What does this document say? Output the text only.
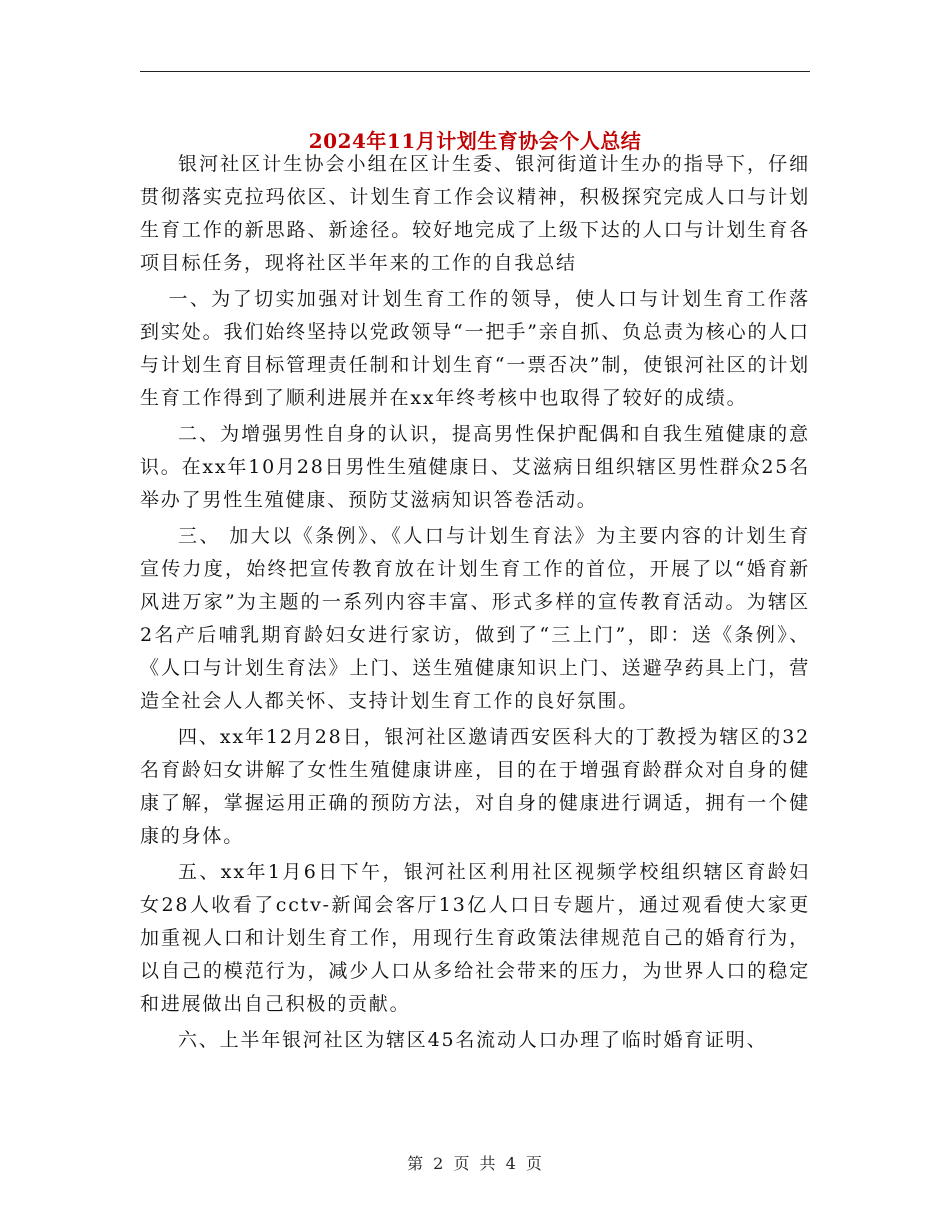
2024年11月计划生育协会个人总结

银河社区计生协会小组在区计生委、银河街道计生办的指导下，仔细贯彻落实克拉玛依区、计划生育工作会议精神，积极探究完成人口与计划生育工作的新思路、新途径。较好地完成了上级下达的人口与计划生育各项目标任务，现将社区半年来的工作的自我总结

一、为了切实加强对计划生育工作的领导，使人口与计划生育工作落到实处。我们始终坚持以党政领导“一把手”亲自抓、负总责为核心的人口与计划生育目标管理责任制和计划生育“一票否决”制，使银河社区的计划生育工作得到了顺利进展并在xx年终考核中也取得了较好的成绩。

二、为增强男性自身的认识，提高男性保护配偶和自我生殖健康的意识。在xx年10月28日男性生殖健康日、艾滋病日组织辖区男性群众25名举办了男性生殖健康、预防艾滋病知识答卷活动。

三、 加大以《条例》、《人口与计划生育法》为主要内容的计划生育宣传力度，始终把宣传教育放在计划生育工作的首位，开展了以“婚育新风进万家”为主题的一系列内容丰富、形式多样的宣传教育活动。为辖区2名产后哺乳期育龄妇女进行家访，做到了“三上门”，即：送《条例》、《人口与计划生育法》上门、送生殖健康知识上门、送避孕药具上门，营造全社会人人都关怀、支持计划生育工作的良好氛围。

四、xx年12月28日，银河社区邀请西安医科大的丁教授为辖区的32名育龄妇女讲解了女性生殖健康讲座，目的在于增强育龄群众对自身的健康了解，掌握运用正确的预防方法，对自身的健康进行调适，拥有一个健康的身体。

五、xx年1月6日下午，银河社区利用社区视频学校组织辖区育龄妇女28人收看了cctv-新闻会客厅13亿人口日专题片，通过观看使大家更加重视人口和计划生育工作，用现行生育政策法律规范自己的婚育行为，以自己的模范行为，减少人口从多给社会带来的压力，为世界人口的稳定和进展做出自己积极的贡献。

六、上半年银河社区为辖区45名流动人口办理了临时婚育证明、

第 2 页 共 4 页
